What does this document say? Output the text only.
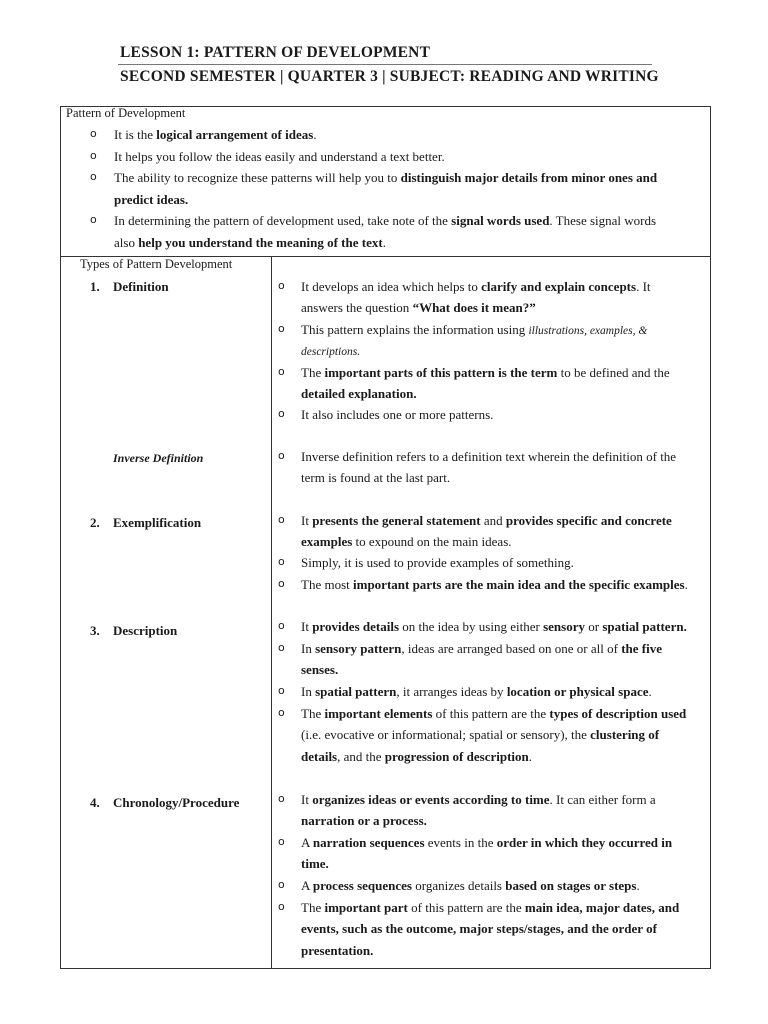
LESSON 1: PATTERN OF DEVELOPMENT
SECOND SEMESTER | QUARTER 3 | SUBJECT: READING AND WRITING
Pattern of Development
o It is the logical arrangement of ideas.
o It helps you follow the ideas easily and understand a text better.
o The ability to recognize these patterns will help you to distinguish major details from minor ones and
predict ideas.
o In determining the pattern of development used, take note of the signal words used. These signal words
also help you understand the meaning of the text.
Types of Pattern Development
1. Definition
Inverse Definition
2. Exemplification
3. Description
4. Chronology/Procedure
o It develops an idea which helps to clarify and explain concepts. It
answers the question “What does it mean?”
o This pattern explains the information using illustrations, examples, &
descriptions.
o The important parts of this pattern is the term to be defined and the
detailed explanation.
o It also includes one or more patterns.
o Inverse definition refers to a definition text wherein the definition of the
term is found at the last part.
o It presents the general statement and provides specific and concrete
examples to expound on the main ideas.
o Simply, it is used to provide examples of something.
o The most important parts are the main idea and the specific examples.
o It provides details on the idea by using either sensory or spatial pattern.
o In sensory pattern, ideas are arranged based on one or all of the five
senses.
o In spatial pattern, it arranges ideas by location or physical space.
o The important elements of this pattern are the types of description used
(i.e. evocative or informational; spatial or sensory), the clustering of
details, and the progression of description.
o It organizes ideas or events according to time. It can either form a
narration or a process.
o A narration sequences events in the order in which they occurred in
time.
o A process sequences organizes details based on stages or steps.
o The important part of this pattern are the main idea, major dates, and
events, such as the outcome, major steps/stages, and the order of
presentation.
